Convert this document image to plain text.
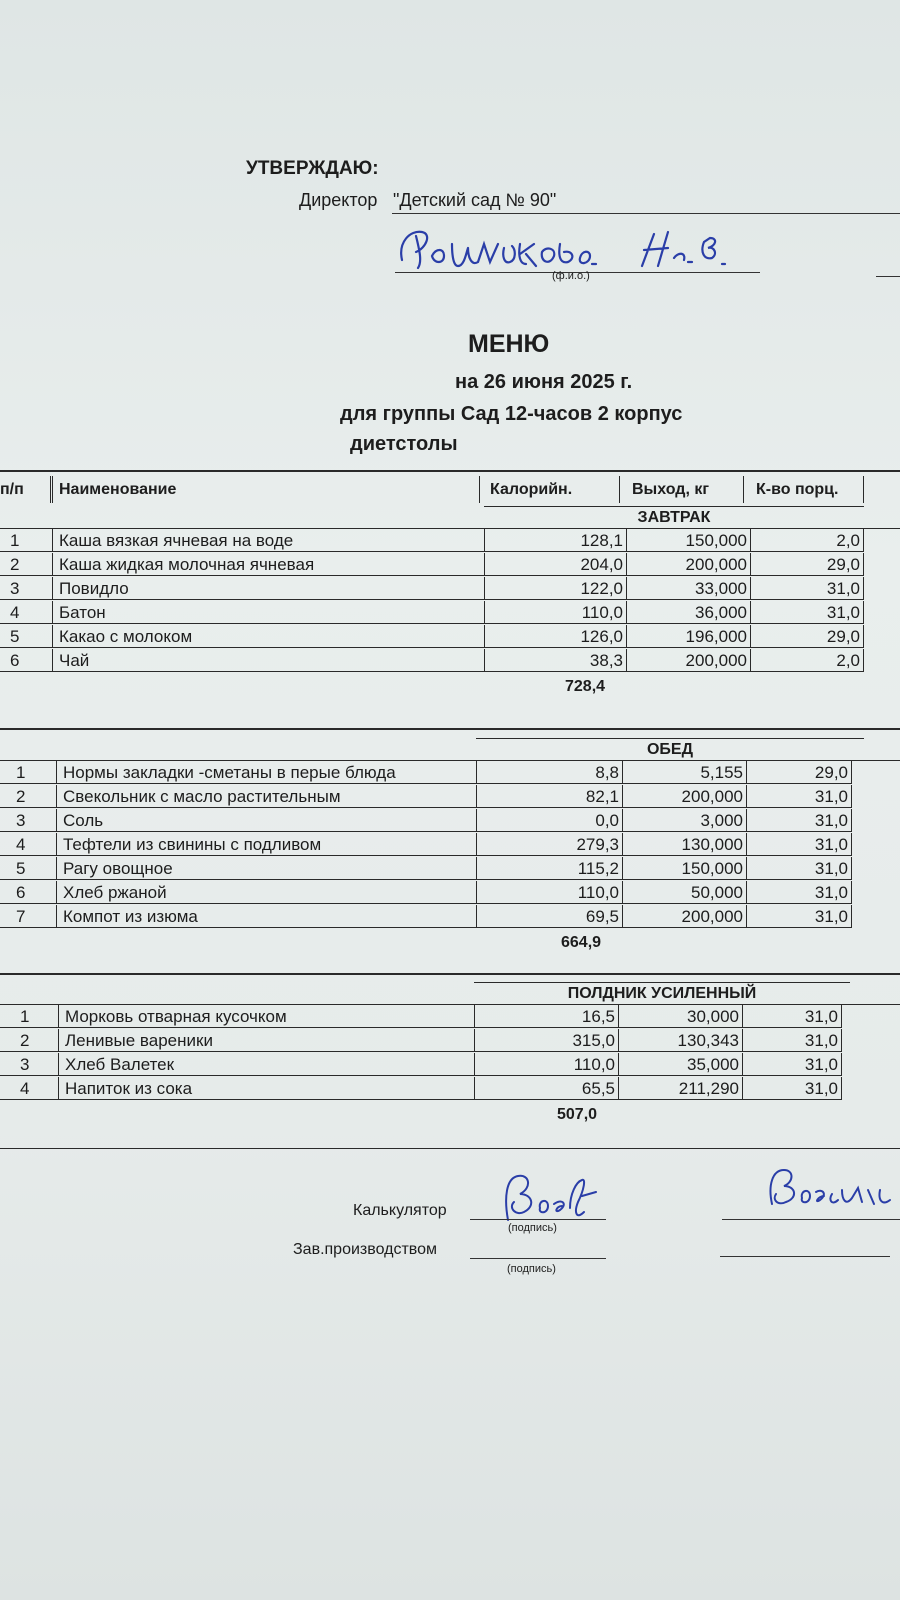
УТВЕРЖДАЮ:
Директор "Детский сад № 90"
(ф.и.о.)
МЕНЮ
на 26 июня 2025 г.
для группы Сад 12-часов 2 корпус
диетстолы
п/п	Наименование	Калорийн.	Выход, кг	К-во порц.
ЗАВТРАК
1	Каша вязкая ячневая на воде	128,1	150,000	2,0
2	Каша жидкая молочная ячневая	204,0	200,000	29,0
3	Повидло	122,0	33,000	31,0
4	Батон	110,0	36,000	31,0
5	Какао с молоком	126,0	196,000	29,0
6	Чай	38,3	200,000	2,0
728,4
ОБЕД
1	Нормы закладки -сметаны в перые блюда	8,8	5,155	29,0
2	Свекольник с масло растительным	82,1	200,000	31,0
3	Соль	0,0	3,000	31,0
4	Тефтели из свинины с подливом	279,3	130,000	31,0
5	Рагу овощное	115,2	150,000	31,0
6	Хлеб ржаной	110,0	50,000	31,0
7	Компот из изюма	69,5	200,000	31,0
664,9
ПОЛДНИК УСИЛЕННЫЙ
1	Морковь отварная кусочком	16,5	30,000	31,0
2	Ленивые вареники	315,0	130,343	31,0
3	Хлеб Валетек	110,0	35,000	31,0
4	Напиток из сока	65,5	211,290	31,0
507,0
Калькулятор
(подпись)
Зав.производством
(подпись)
